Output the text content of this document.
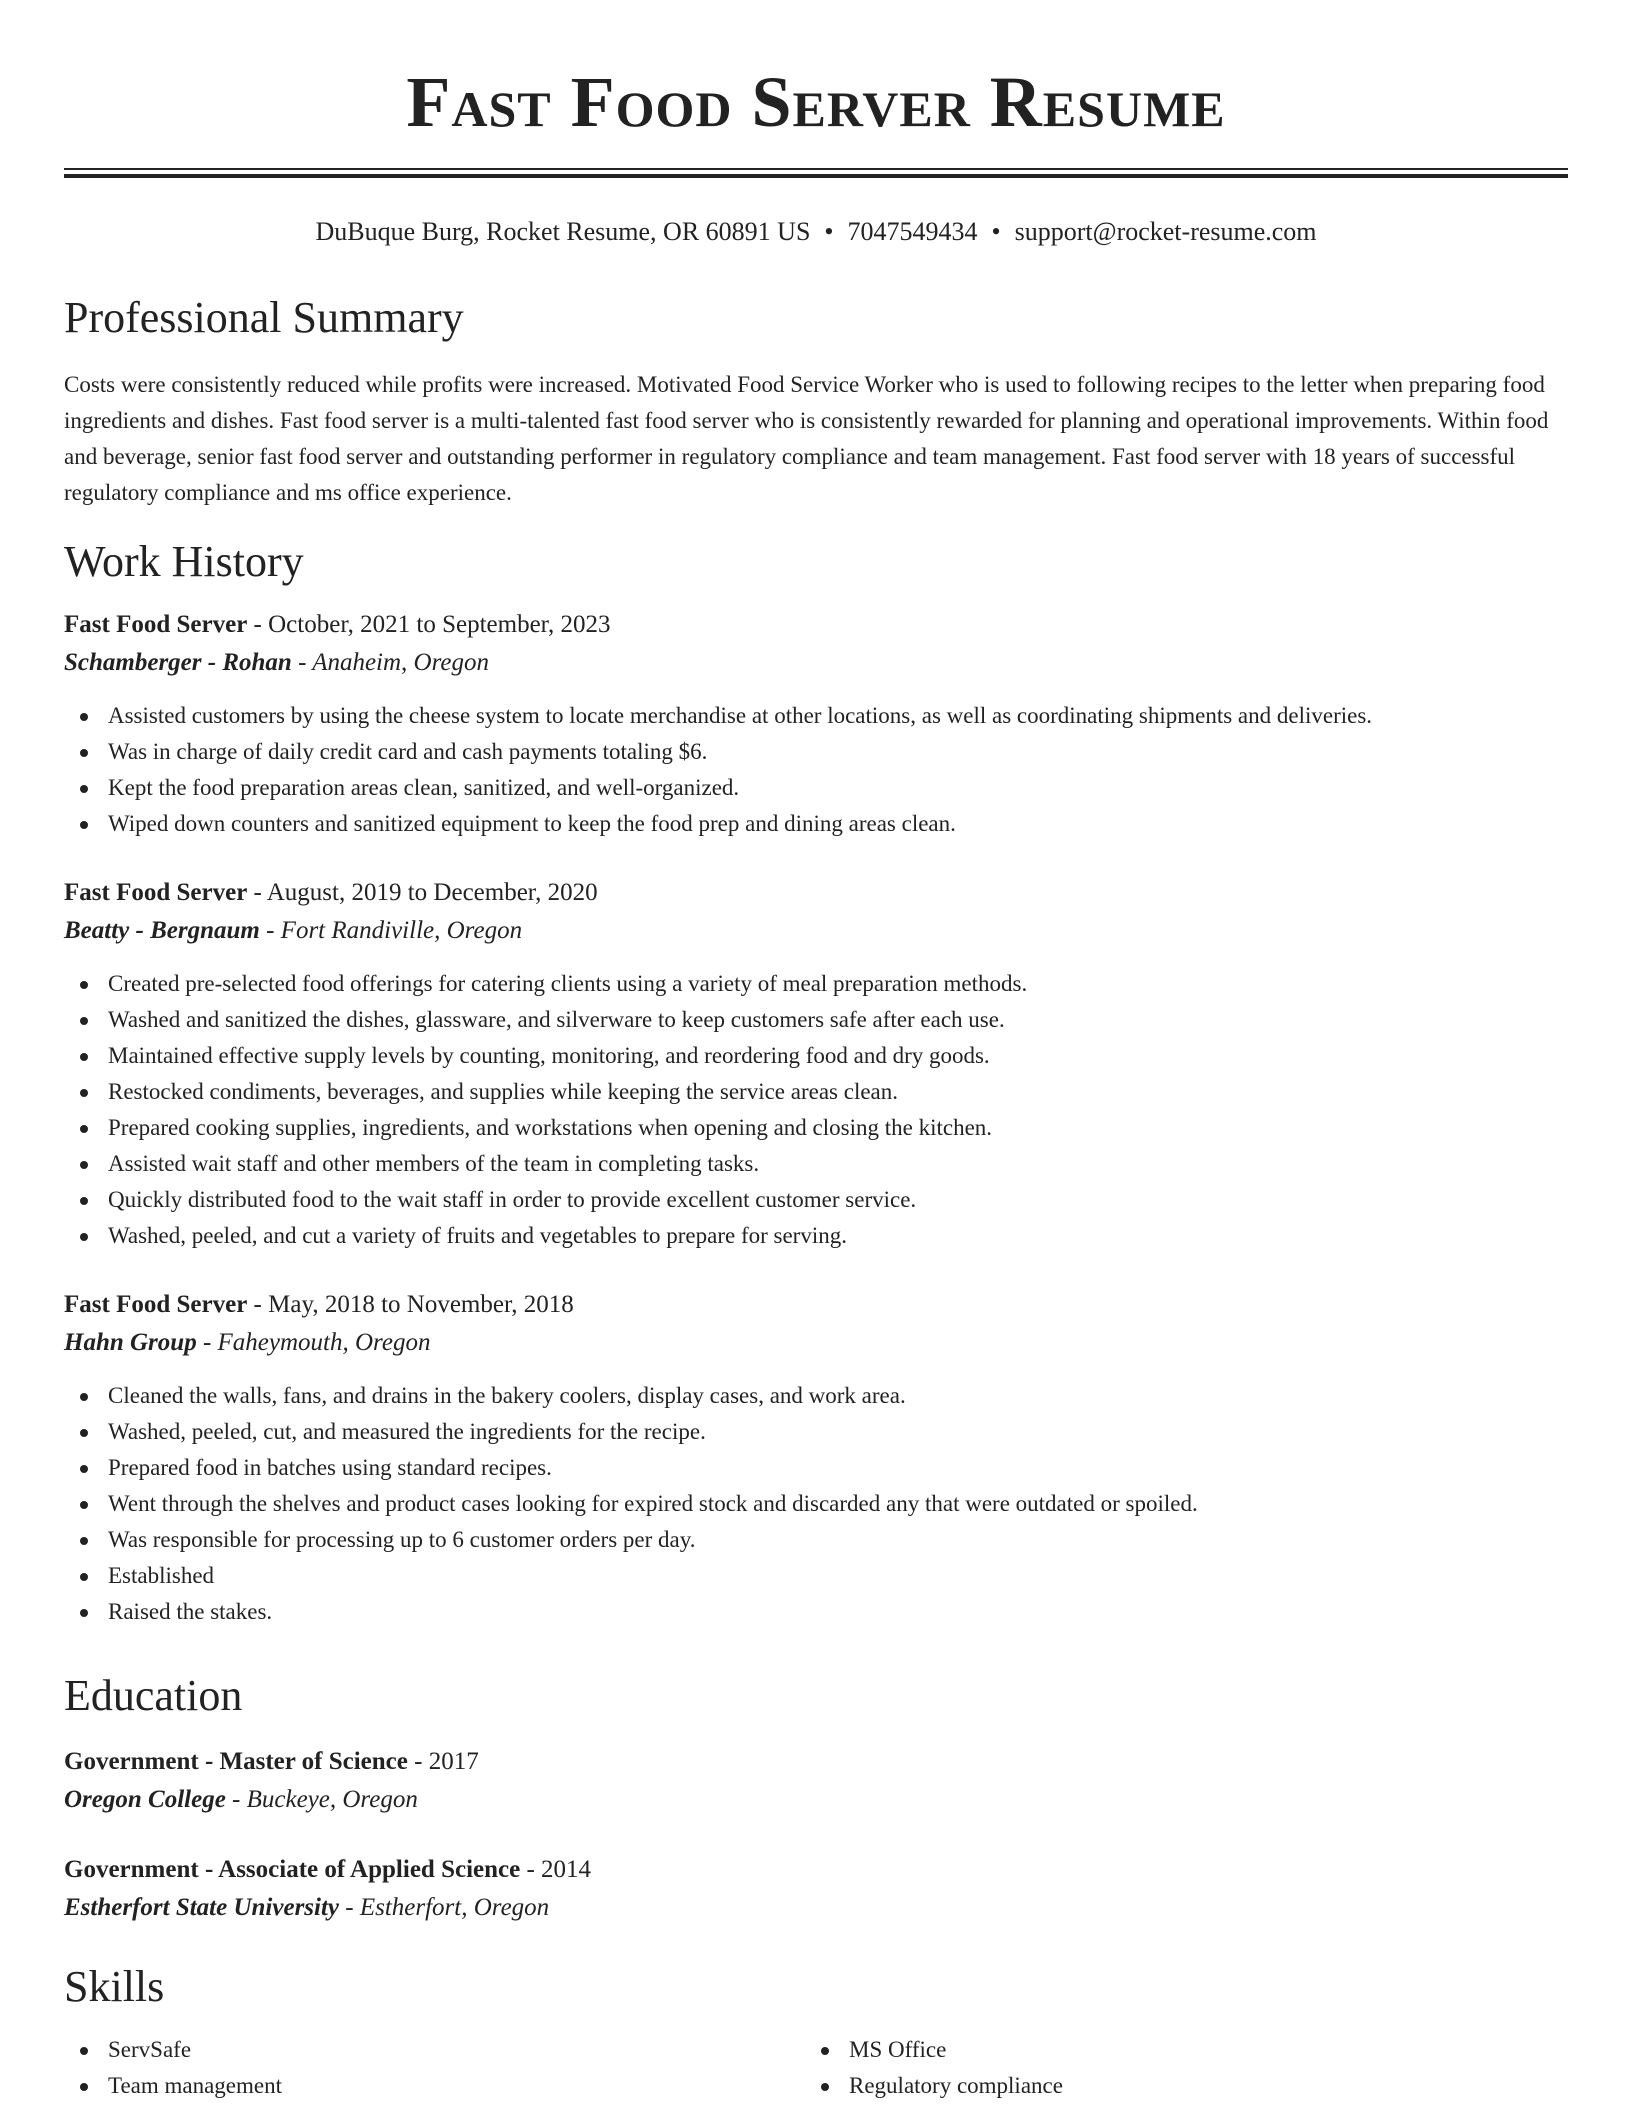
Fast Food Server Resume
DuBuque Burg, Rocket Resume, OR 60891 US • 7047549434 • support@rocket-resume.com
Professional Summary

Costs were consistently reduced while profits were increased. Motivated Food Service Worker who is used to following recipes to the letter when preparing food ingredients and dishes. Fast food server is a multi-talented fast food server who is consistently rewarded for planning and operational improvements. Within food and beverage, senior fast food server and outstanding performer in regulatory compliance and team management. Fast food server with 18 years of successful regulatory compliance and ms office experience.

Work History
Fast Food Server - October, 2021 to September, 2023
Schamberger - Rohan - Anaheim, Oregon
Assisted customers by using the cheese system to locate merchandise at other locations, as well as coordinating shipments and deliveries.
Was in charge of daily credit card and cash payments totaling $6.
Kept the food preparation areas clean, sanitized, and well-organized.
Wiped down counters and sanitized equipment to keep the food prep and dining areas clean.
Fast Food Server - August, 2019 to December, 2020
Beatty - Bergnaum - Fort Randiville, Oregon
Created pre-selected food offerings for catering clients using a variety of meal preparation methods.
Washed and sanitized the dishes, glassware, and silverware to keep customers safe after each use.
Maintained effective supply levels by counting, monitoring, and reordering food and dry goods.
Restocked condiments, beverages, and supplies while keeping the service areas clean.
Prepared cooking supplies, ingredients, and workstations when opening and closing the kitchen.
Assisted wait staff and other members of the team in completing tasks.
Quickly distributed food to the wait staff in order to provide excellent customer service.
Washed, peeled, and cut a variety of fruits and vegetables to prepare for serving.
Fast Food Server - May, 2018 to November, 2018
Hahn Group - Faheymouth, Oregon
Cleaned the walls, fans, and drains in the bakery coolers, display cases, and work area.
Washed, peeled, cut, and measured the ingredients for the recipe.
Prepared food in batches using standard recipes.
Went through the shelves and product cases looking for expired stock and discarded any that were outdated or spoiled.
Was responsible for processing up to 6 customer orders per day.
Established
Raised the stakes.
Education
Government - Master of Science - 2017
Oregon College - Buckeye, Oregon
Government - Associate of Applied Science - 2014
Estherfort State University - Estherfort, Oregon
Skills
ServSafe
Team management
MS Office
Regulatory compliance
